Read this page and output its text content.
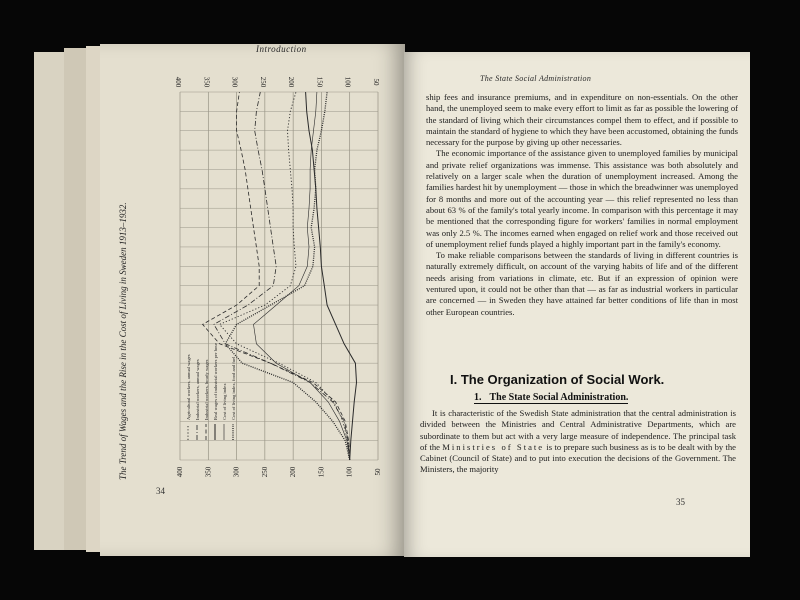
Introduction
34
50
50
100
100
150
150
200
200
250
250
300
300
350
350
400
400
Agricultural workers, annual wages Industrial workers, annual wages Industrial workers, hourly wages Real wages of industrial workers per hour Cost of living index Cost of living index, food and fuel
The Trend of Wages and the Rise in the Cost of Living in Sweden 1913–1932.
The State Social Administration

ship fees and insurance premiums, and in expenditure on non-essentials. On the other hand, the unemployed seem to make every effort to limit as far as possible the lowering of the standard of living which their circumstances compel them to effect, and if possible to maintain the standard of hygiene to which they have been accustomed, obtaining the funds necessary for the purpose by giving up other necessaries.

The economic importance of the assistance given to unemployed families by municipal and private relief organizations was immense. This assistance was both absolutely and relatively on a larger scale when the duration of unemployment increased. Among the families hardest hit by unemployment — those in which the breadwinner was unemployed for 8 months and more out of the accounting year — this relief represented no less than about 63 % of the family's total yearly income. In comparison with this percentage it may be mentioned that the corresponding figure for workers' families in normal employment was only 2.5 %. The incomes earned when engaged on relief work and those received out of unemployment relief funds played a highly important part in the family's economy.

To make reliable comparisons between the standards of living in different countries is naturally extremely difficult, on account of the varying habits of life and of the different needs arising from variations in climate, etc. But if an expression of opinion were ventured upon, it could not be other than that — as far as industrial workers in particular are concerned — in Sweden they have attained far better conditions of life than in most other European countries.

I. The Organization of Social Work.
1. The State Social Administration.

It is characteristic of the Swedish State administration that the central administration is divided between the Ministries and Central Administrative Departments, which are subordinate to them but act with a very large measure of independence. The principal task of the Ministries of State is to prepare such business as is to be dealt with by the Cabinet (Council of State) and to put into execution the decisions of the Government. The Ministers, the majority

35
